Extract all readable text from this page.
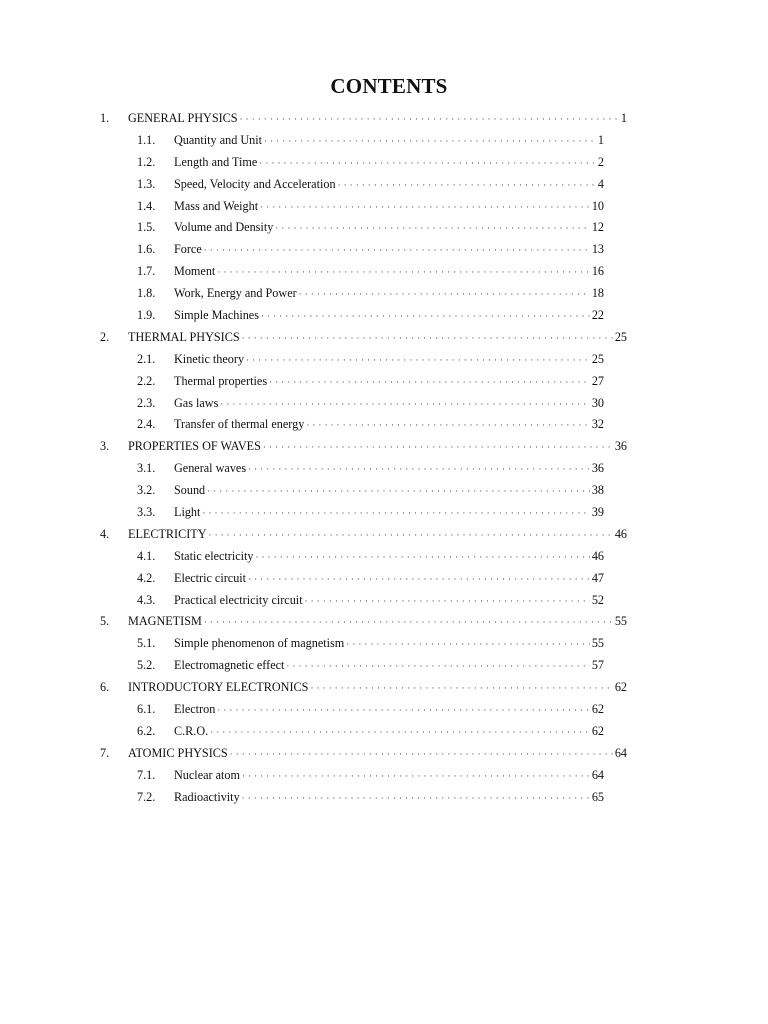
CONTENTS
1. GENERAL PHYSICS · · ·	1
1.1. Quantity and Unit · · ·	1
1.2. Length and Time · · ·	2
1.3. Speed, Velocity and Acceleration · · ·	4
1.4. Mass and Weight · · ·	10
1.5. Volume and Density · · ·	12
1.6. Force · · ·	13
1.7. Moment · · ·	16
1.8. Work, Energy and Power · · ·	18
1.9. Simple Machines · · ·	22
2. THERMAL PHYSICS · · ·	25
2.1. Kinetic theory · · ·	25
2.2. Thermal properties · · ·	27
2.3. Gas laws · · ·	30
2.4. Transfer of thermal energy · · ·	32
3. PROPERTIES OF WAVES · · ·	36
3.1. General waves · · ·	36
3.2. Sound · · ·	38
3.3. Light · · ·	39
4. ELECTRICITY · · ·	46
4.1. Static electricity · · ·	46
4.2. Electric circuit · · ·	47
4.3. Practical electricity circuit · · ·	52
5. MAGNETISM · · ·	55
5.1. Simple phenomenon of magnetism · · ·	55
5.2. Electromagnetic effect · · ·	57
6. INTRODUCTORY ELECTRONICS · · ·	62
6.1. Electron · · ·	62
6.2. C.R.O. · · ·	62
7. ATOMIC PHYSICS · · ·	64
7.1. Nuclear atom · · ·	64
7.2. Radioactivity · · ·	65
